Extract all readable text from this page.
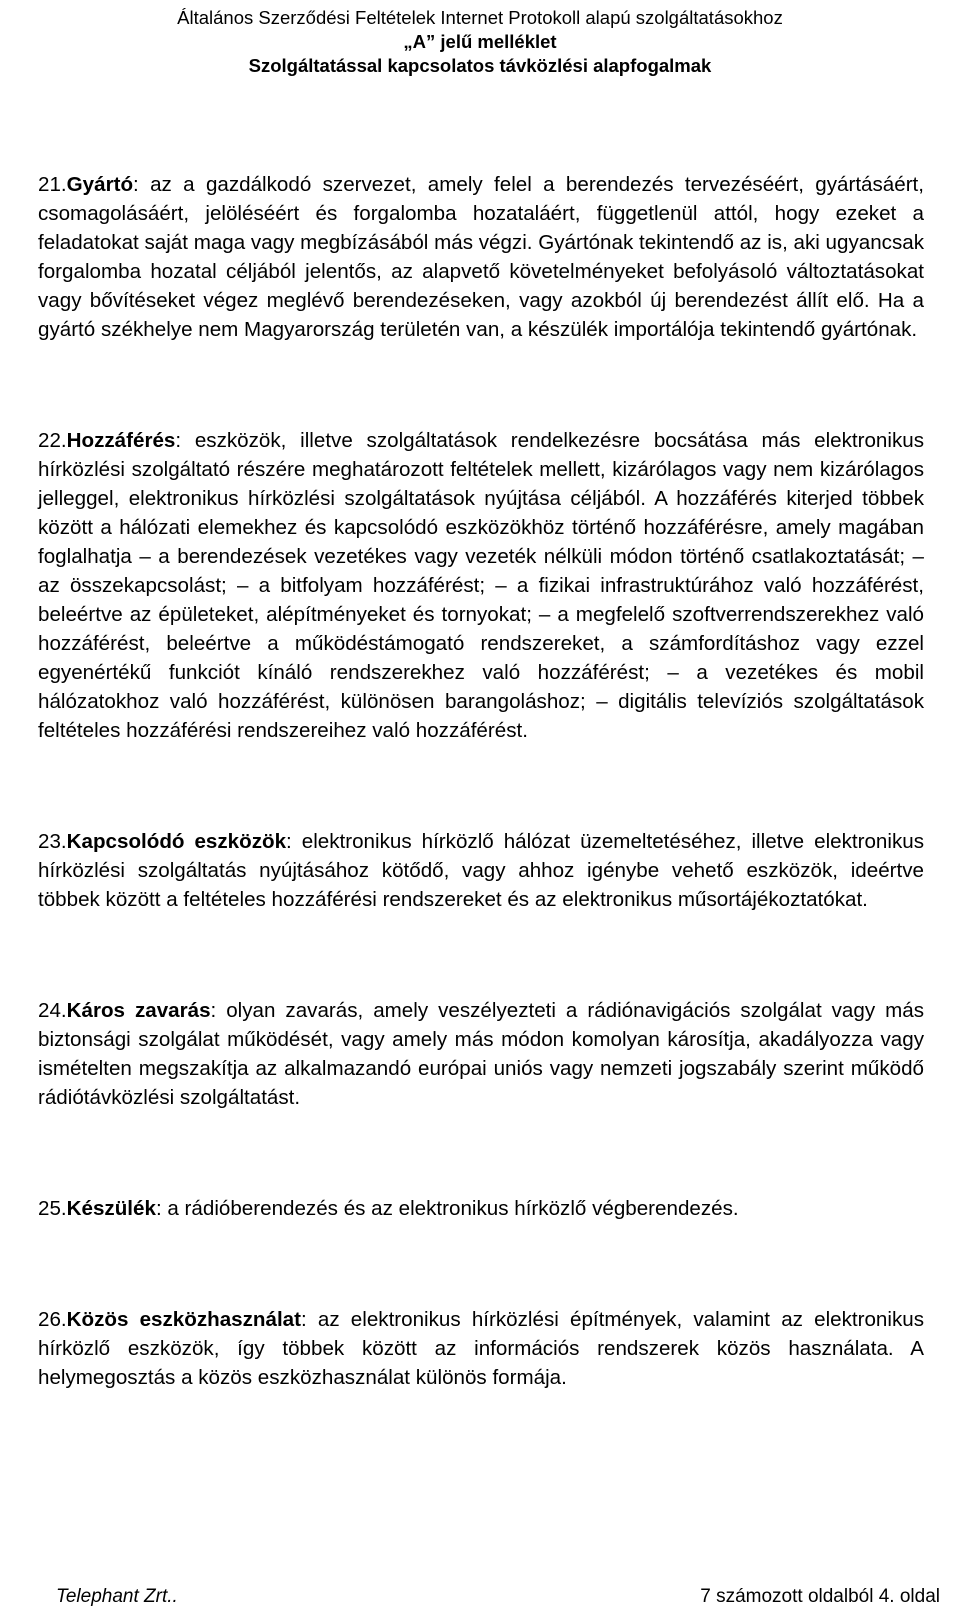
Általános Szerződési Feltételek Internet Protokoll alapú szolgáltatásokhoz
„A” jelű melléklet
Szolgáltatással kapcsolatos távközlési alapfogalmak
21.Gyártó: az a gazdálkodó szervezet, amely felel a berendezés tervezéséért, gyártásáért, csomagolásáért, jelöléséért és forgalomba hozataláért, függetlenül attól, hogy ezeket a feladatokat saját maga vagy megbízásából más végzi. Gyártónak tekintendő az is, aki ugyancsak forgalomba hozatal céljából jelentős, az alapvető követelményeket befolyásoló változtatásokat vagy bővítéseket végez meglévő berendezéseken, vagy azokból új berendezést állít elő. Ha a gyártó székhelye nem Magyarország területén van, a készülék importálója tekintendő gyártónak.
22.Hozzáférés: eszközök, illetve szolgáltatások rendelkezésre bocsátása más elektronikus hírközlési szolgáltató részére meghatározott feltételek mellett, kizárólagos vagy nem kizárólagos jelleggel, elektronikus hírközlési szolgáltatások nyújtása céljából. A hozzáférés kiterjed többek között a hálózati elemekhez és kapcsolódó eszközökhöz történő hozzáférésre, amely magában foglalhatja – a berendezések vezetékes vagy vezeték nélküli módon történő csatlakoztatását; – az összekapcsolást; – a bitfolyam hozzáférést; – a fizikai infrastruktúrához való hozzáférést, beleértve az épületeket, alépítményeket és tornyokat; – a megfelelő szoftverrendszerekhez való hozzáférést, beleértve a működéstámogató rendszereket, a számfordításhoz vagy ezzel egyenértékű funkciót kínáló rendszerekhez való hozzáférést; – a vezetékes és mobil hálózatokhoz való hozzáférést, különösen barangoláshoz; – digitális televíziós szolgáltatások feltételes hozzáférési rendszereihez való hozzáférést.
23.Kapcsolódó eszközök: elektronikus hírközlő hálózat üzemeltetéséhez, illetve elektronikus hírközlési szolgáltatás nyújtásához kötődő, vagy ahhoz igénybe vehető eszközök, ideértve többek között a feltételes hozzáférési rendszereket és az elektronikus műsortájékoztatókat.
24.Káros zavarás: olyan zavarás, amely veszélyezteti a rádiónavigációs szolgálat vagy más biztonsági szolgálat működését, vagy amely más módon komolyan károsítja, akadályozza vagy ismételten megszakítja az alkalmazandó európai uniós vagy nemzeti jogszabály szerint működő rádiótávközlési szolgáltatást.
25.Készülék: a rádióberendezés és az elektronikus hírközlő végberendezés.
26.Közös eszközhasználat: az elektronikus hírközlési építmények, valamint az elektronikus hírközlő eszközök, így többek között az információs rendszerek közös használata. A helymegosztás a közös eszközhasználat különös formája.
Telephant Zrt..	7 számozott oldalból 4. oldal
